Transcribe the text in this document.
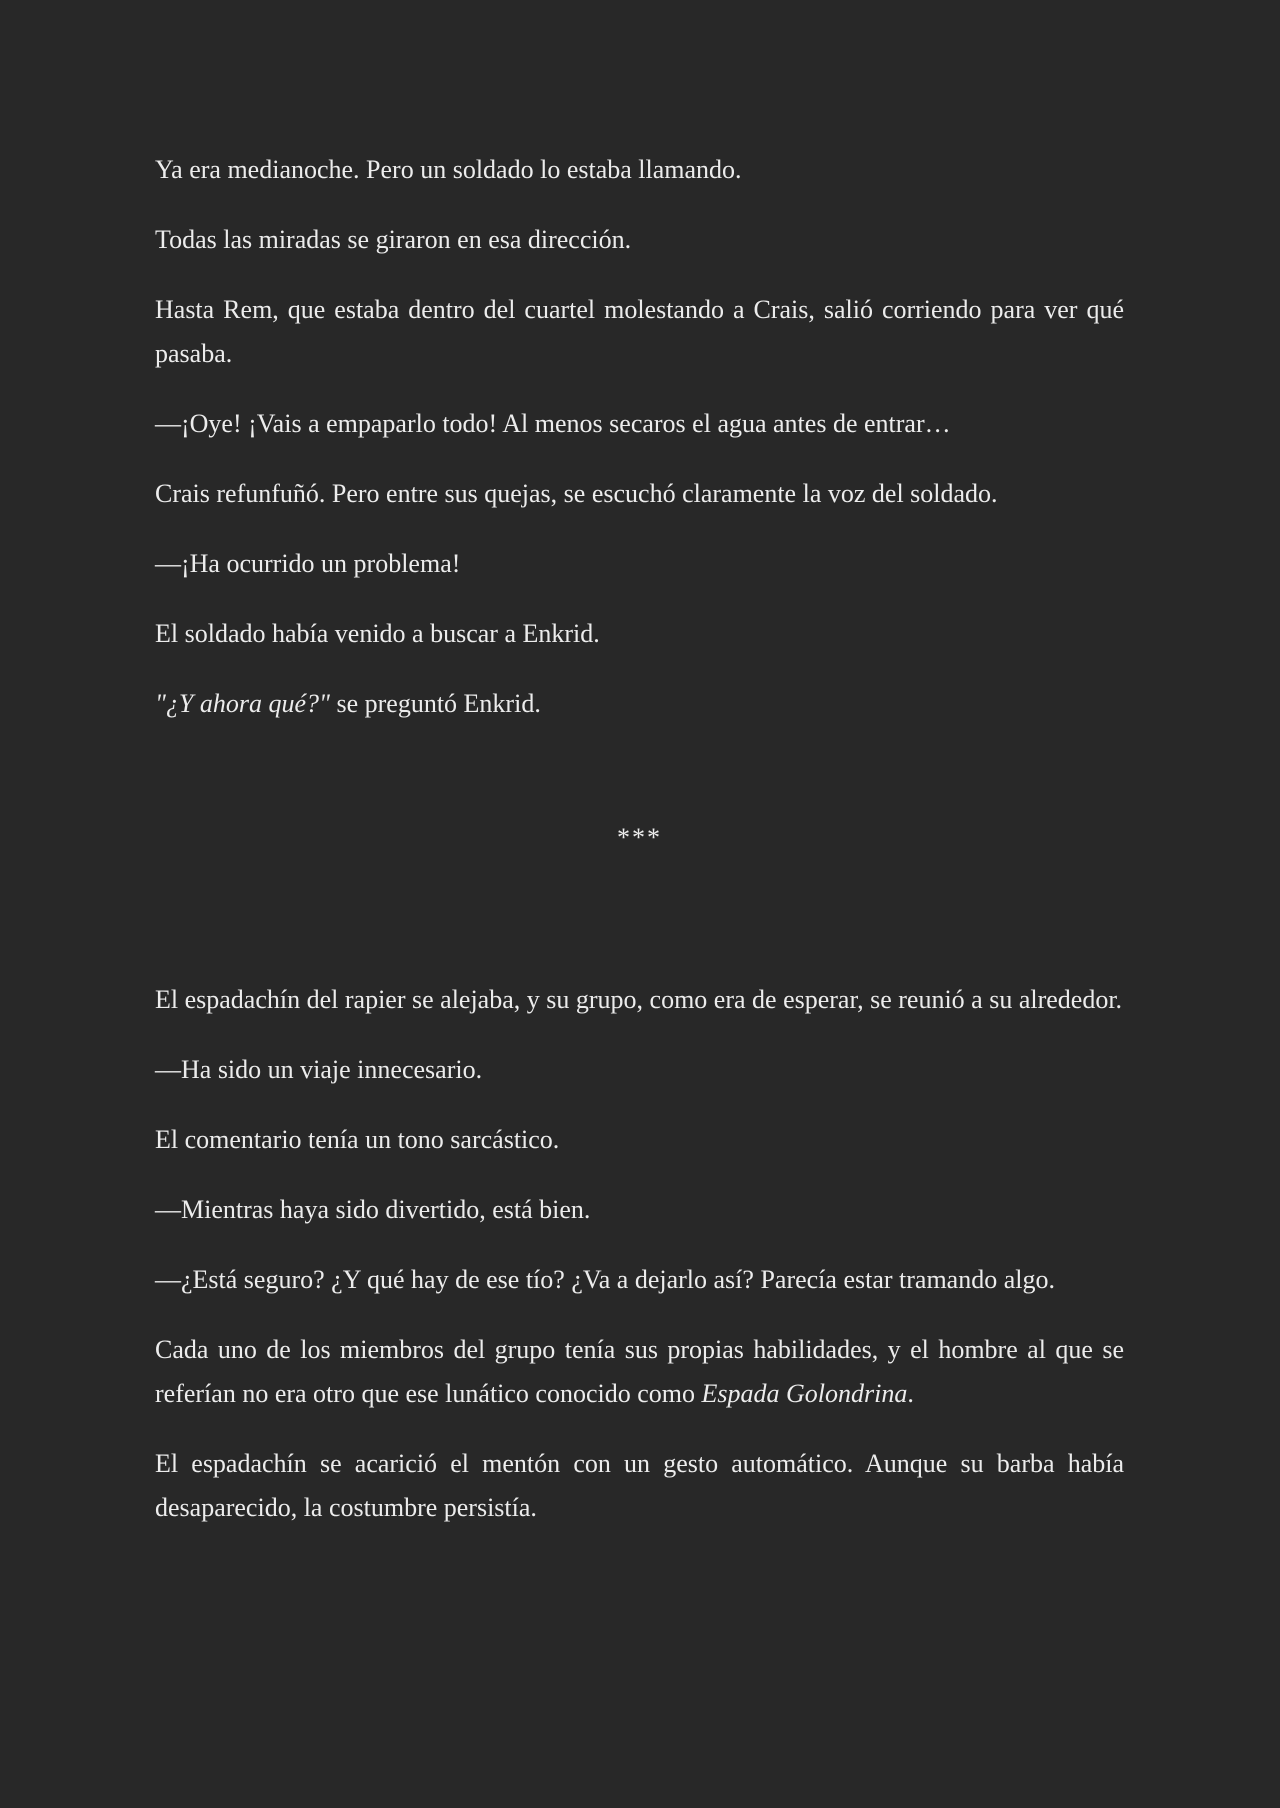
Ya era medianoche. Pero un soldado lo estaba llamando.

Todas las miradas se giraron en esa dirección.

Hasta Rem, que estaba dentro del cuartel molestando a Crais, salió corriendo para ver qué pasaba.

—¡Oye! ¡Vais a empaparlo todo! Al menos secaros el agua antes de entrar…

Crais refunfuñó. Pero entre sus quejas, se escuchó claramente la voz del soldado.

—¡Ha ocurrido un problema!

El soldado había venido a buscar a Enkrid.

"¿Y ahora qué?" se preguntó Enkrid.

***

El espadachín del rapier se alejaba, y su grupo, como era de esperar, se reunió a su alrededor.

—Ha sido un viaje innecesario.

El comentario tenía un tono sarcástico.

—Mientras haya sido divertido, está bien.

—¿Está seguro? ¿Y qué hay de ese tío? ¿Va a dejarlo así? Parecía estar tramando algo.

Cada uno de los miembros del grupo tenía sus propias habilidades, y el hombre al que se referían no era otro que ese lunático conocido como Espada Golondrina.

El espadachín se acarició el mentón con un gesto automático. Aunque su barba había desaparecido, la costumbre persistía.
